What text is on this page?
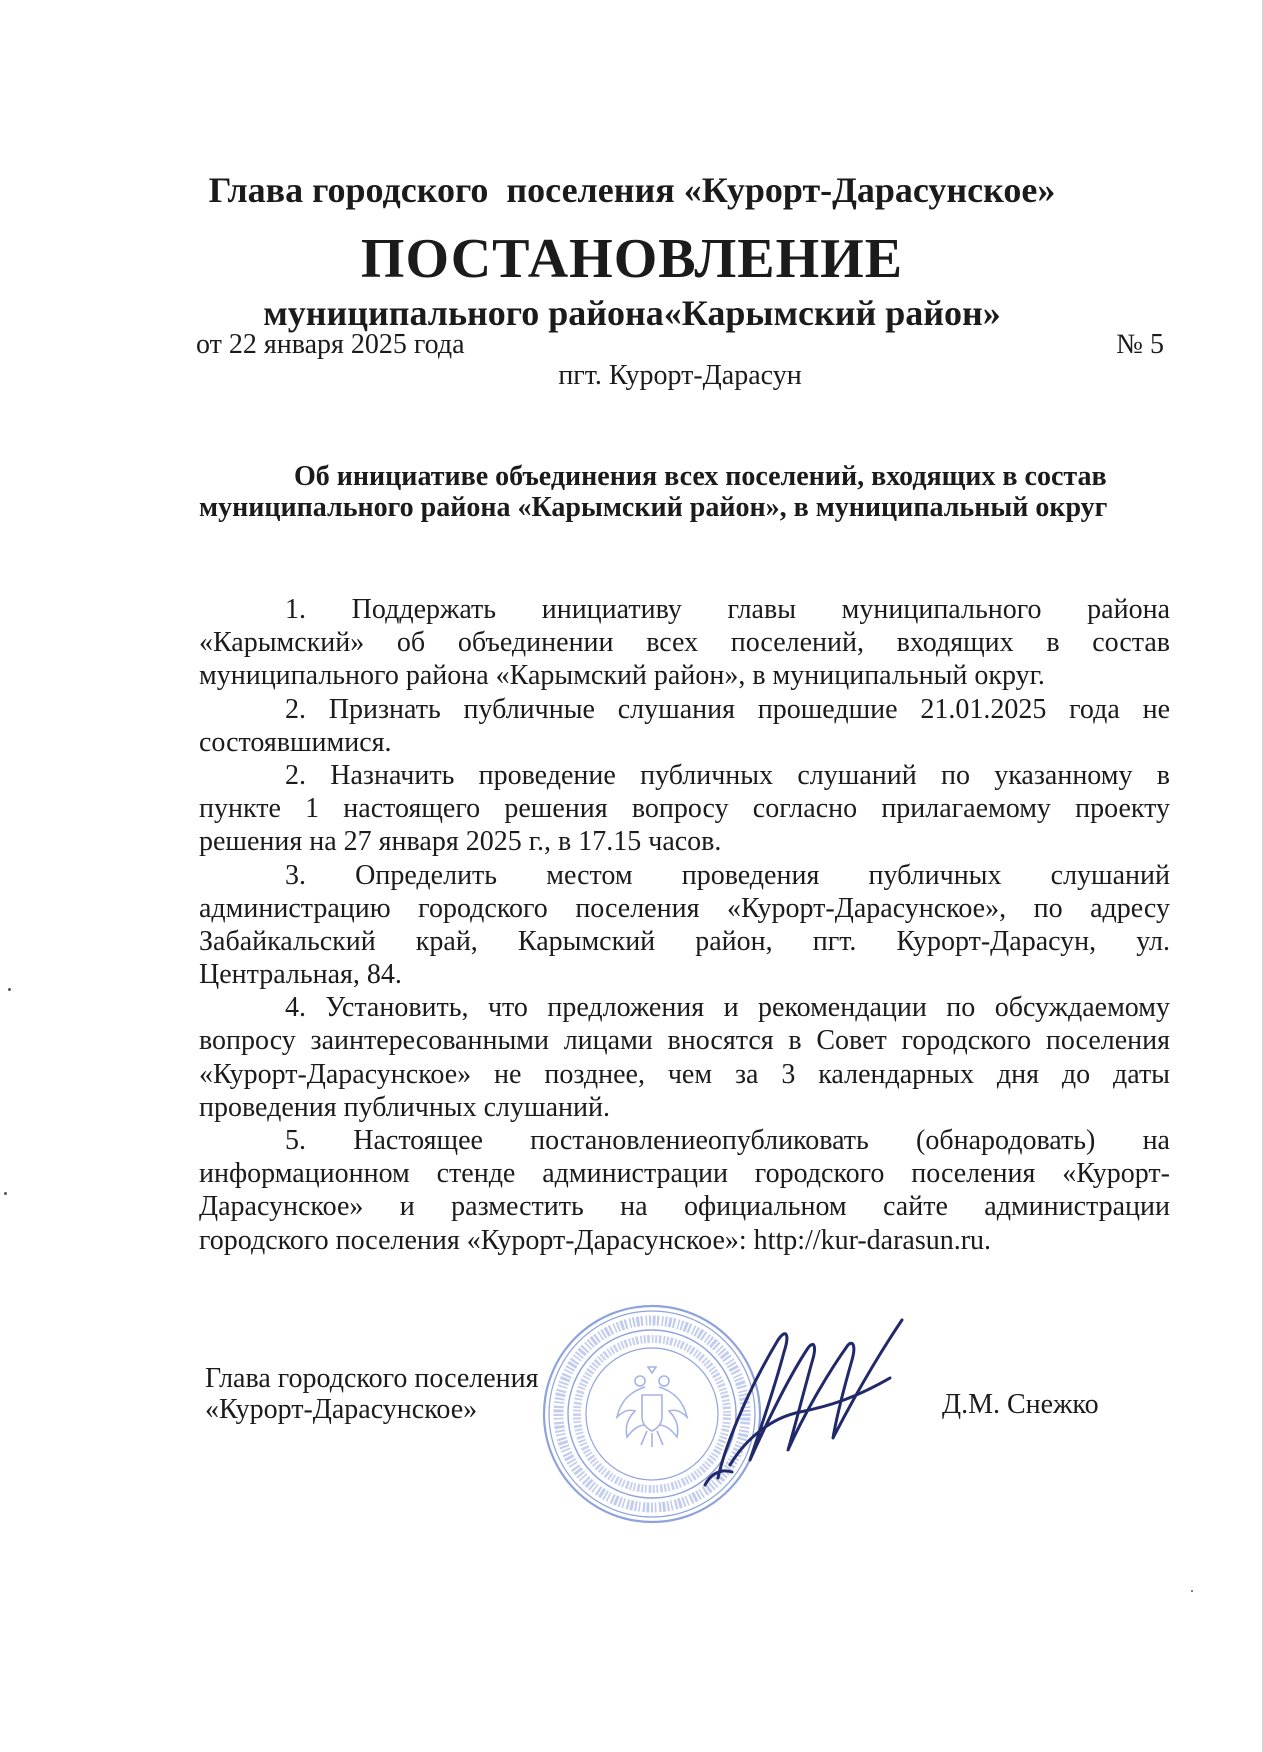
Глава городского  поселения «Курорт-Дарасунское»

муниципального района«Карымский район»

ПОСТАНОВЛЕНИЕ
от 22 января 2025 года	№ 5
пгт. Курорт-Дарасун
Об инициативе объединения всех поселений, входящих в состав
муниципального района «Карымский район», в муниципальный округ
1. Поддержать инициативу главы муниципального района
«Карымский» об объединении всех поселений, входящих в состав
муниципального района «Карымский район», в муниципальный округ.
2. Признать публичные слушания прошедшие 21.01.2025 года не
состоявшимися.
2. Назначить проведение публичных слушаний по указанному в
пункте 1 настоящего решения вопросу согласно прилагаемому проекту
решения на 27 января 2025 г., в 17.15 часов.
3. Определить местом проведения публичных слушаний
администрацию городского поселения «Курорт-Дарасунское», по адресу
Забайкальский край, Карымский район, пгт. Курорт-Дарасун, ул.
Центральная, 84.
4. Установить, что предложения и рекомендации по обсуждаемому
вопросу заинтересованными лицами вносятся в Совет городского поселения
«Курорт-Дарасунское» не позднее, чем за 3 календарных дня до даты
проведения публичных слушаний.
5. Настоящее постановлениеопубликовать (обнародовать) на
информационном стенде администрации городского поселения «Курорт-
Дарасунское» и разместить на официальном сайте администрации
городского поселения «Курорт-Дарасунское»: http://kur-darasun.ru.
Глава городского поселения
«Курорт-Дарасунское»	Д.М. Снежко
